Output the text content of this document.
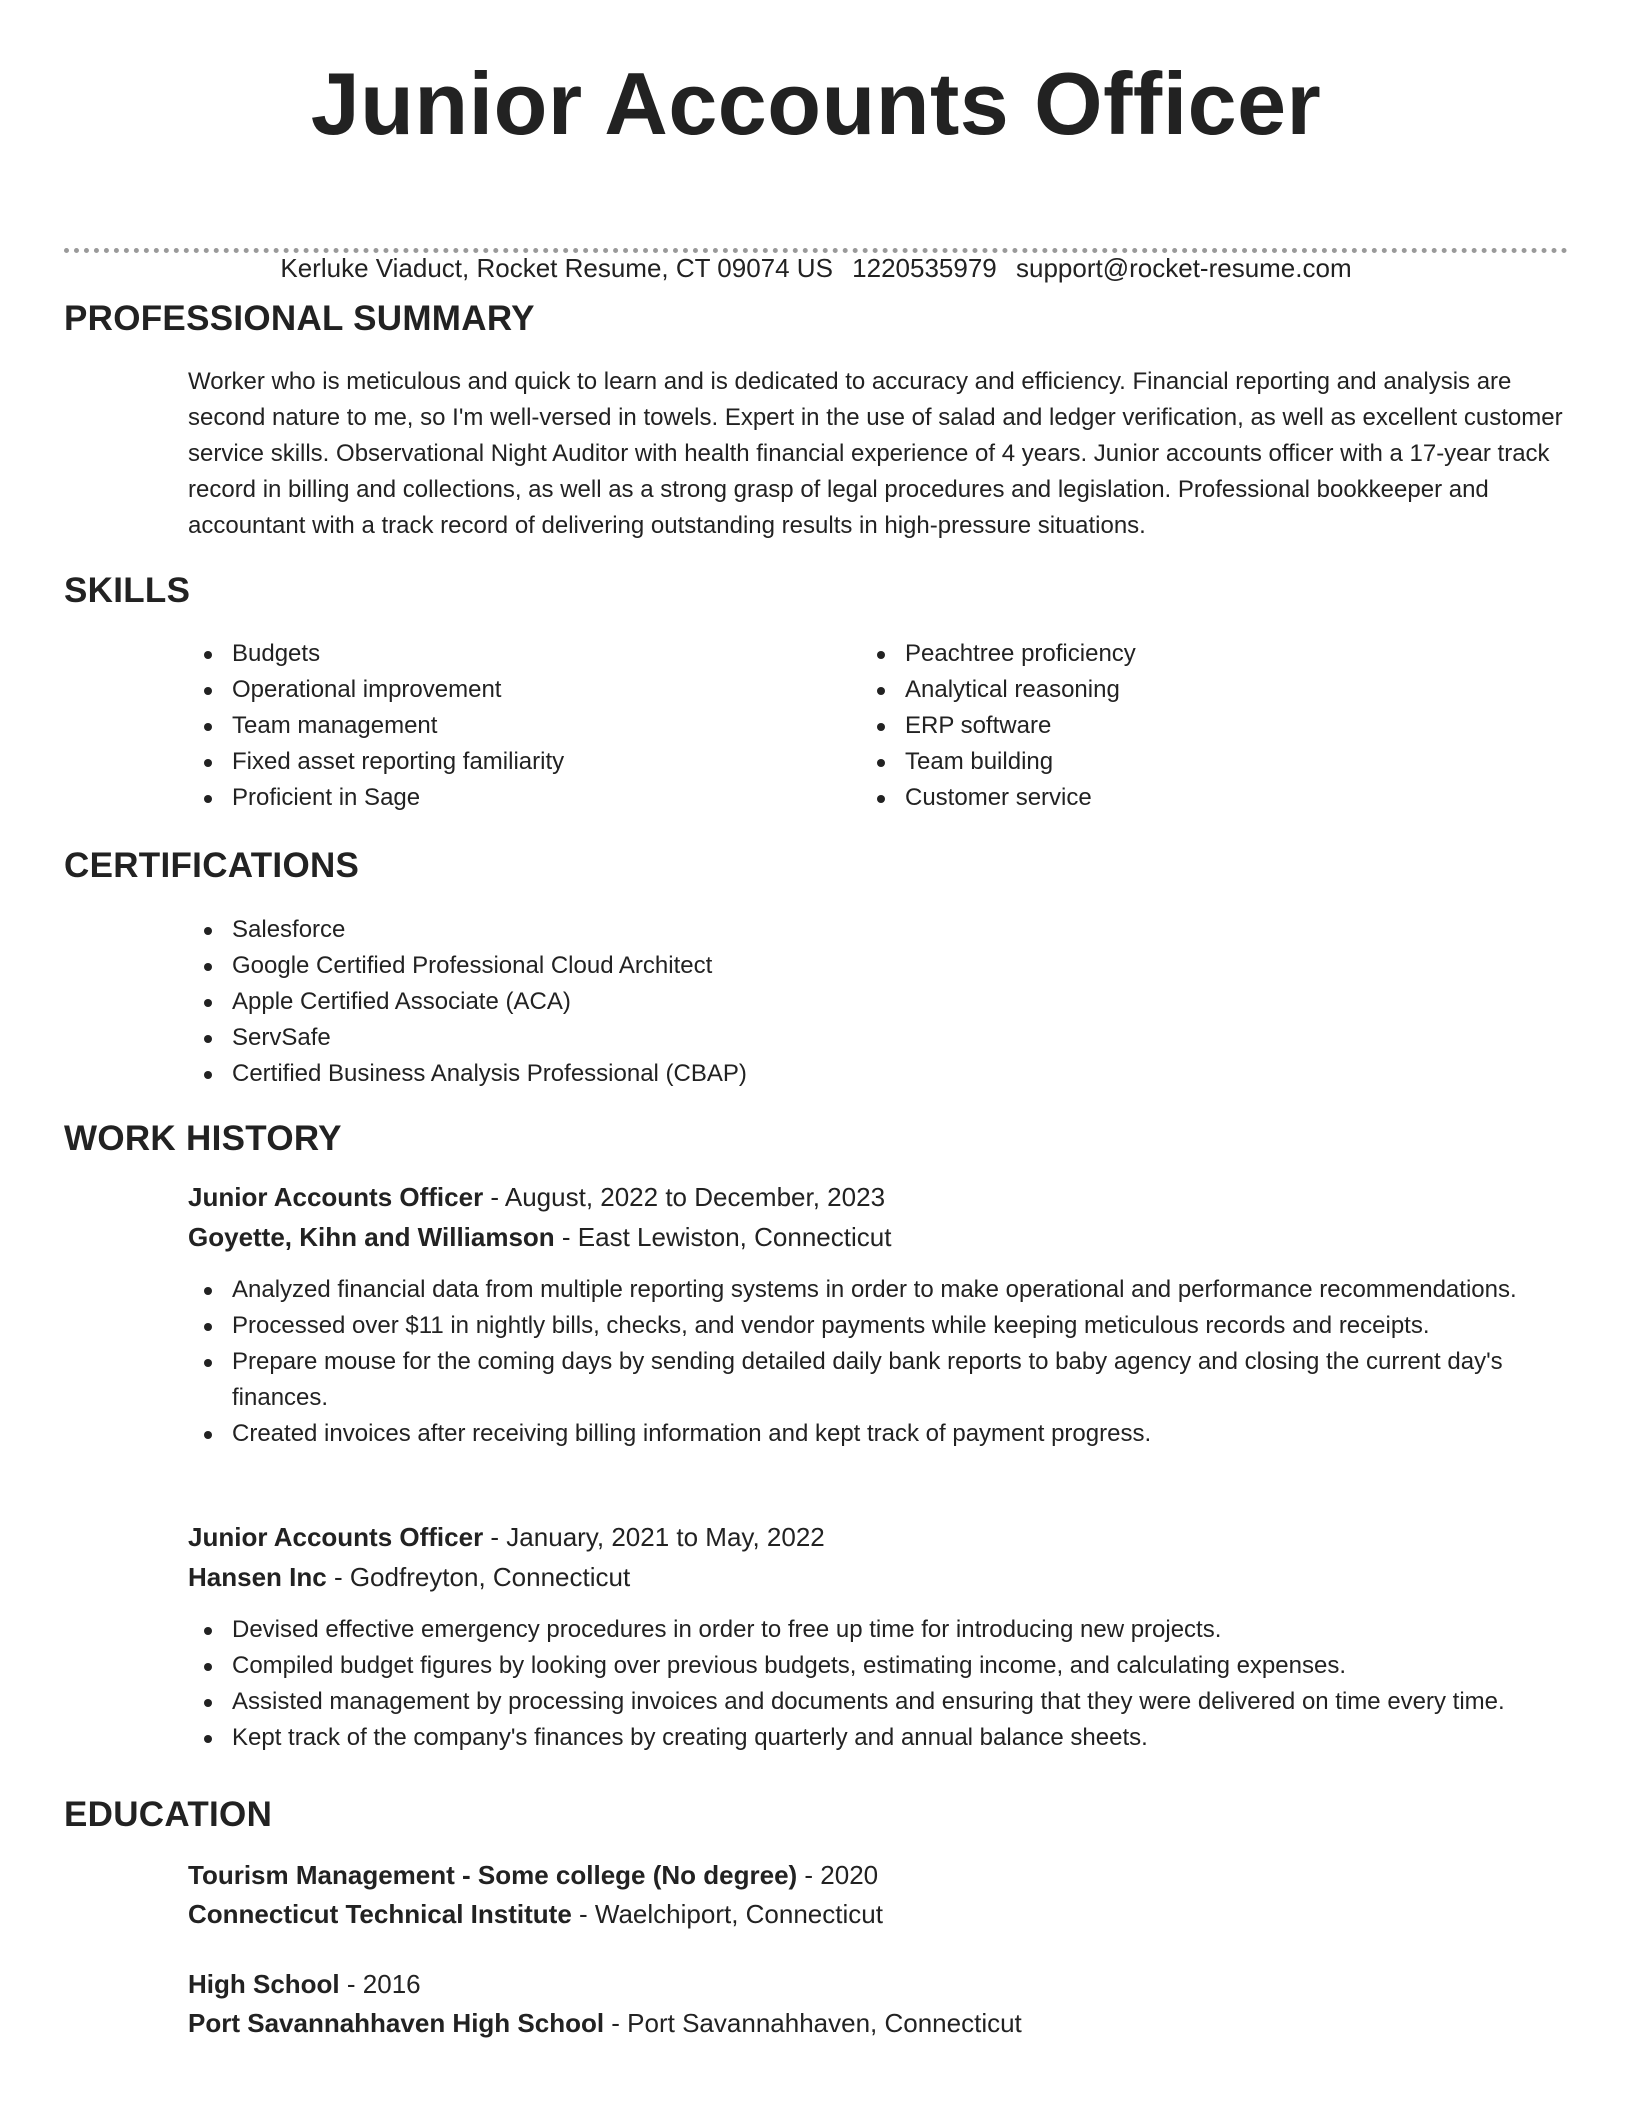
Junior Accounts Officer
Kerluke Viaduct, Rocket Resume, CT 09074 US 1220535979 support@rocket-resume.com
PROFESSIONAL SUMMARY

Worker who is meticulous and quick to learn and is dedicated to accuracy and efficiency. Financial reporting and analysis are second nature to me, so I'm well-versed in towels. Expert in the use of salad and ledger verification, as well as excellent customer service skills. Observational Night Auditor with health financial experience of 4 years. Junior accounts officer with a 17-year track record in billing and collections, as well as a strong grasp of legal procedures and legislation. Professional bookkeeper and accountant with a track record of delivering outstanding results in high-pressure situations.

SKILLS
Budgets
Operational improvement
Team management
Fixed asset reporting familiarity
Proficient in Sage
Peachtree proficiency
Analytical reasoning
ERP software
Team building
Customer service
CERTIFICATIONS
Salesforce
Google Certified Professional Cloud Architect
Apple Certified Associate (ACA)
ServSafe
Certified Business Analysis Professional (CBAP)
WORK HISTORY
Junior Accounts Officer - August, 2022 to December, 2023
Goyette, Kihn and Williamson - East Lewiston, Connecticut
Analyzed financial data from multiple reporting systems in order to make operational and performance recommendations.
Processed over $11 in nightly bills, checks, and vendor payments while keeping meticulous records and receipts.
Prepare mouse for the coming days by sending detailed daily bank reports to baby agency and closing the current day's finances.
Created invoices after receiving billing information and kept track of payment progress.
Junior Accounts Officer - January, 2021 to May, 2022
Hansen Inc - Godfreyton, Connecticut
Devised effective emergency procedures in order to free up time for introducing new projects.
Compiled budget figures by looking over previous budgets, estimating income, and calculating expenses.
Assisted management by processing invoices and documents and ensuring that they were delivered on time every time.
Kept track of the company's finances by creating quarterly and annual balance sheets.
EDUCATION
Tourism Management - Some college (No degree) - 2020
Connecticut Technical Institute - Waelchiport, Connecticut
High School - 2016
Port Savannahhaven High School - Port Savannahhaven, Connecticut
